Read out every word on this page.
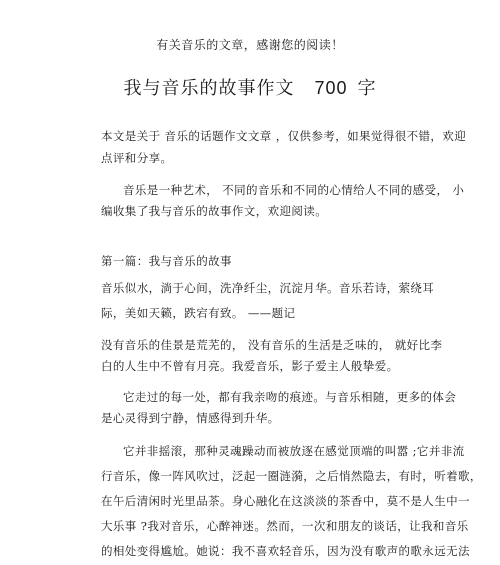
有关音乐的文章，感谢您的阅读！
我与音乐的故事作文 700 字
本文是关于 音乐的话题作文文章 ，仅供参考，如果觉得很不错，欢迎
点评和分享。
音乐是一种艺术， 不同的音乐和不同的心情给人不同的感受， 小
编收集了我与音乐的故事作文，欢迎阅读。
第一篇：我与音乐的故事
音乐似水，淌于心间，洗净纤尘，沉淀月华。音乐若诗，萦绕耳
际，美如天籁，跌宕有致。 ——题记
没有音乐的佳景是荒芜的， 没有音乐的生活是乏味的， 就好比李
白的人生中不曾有月亮。我爱音乐，影子爱主人般挚爱。
它走过的每一处，都有我亲吻的痕迹。与音乐相随，更多的体会
是心灵得到宁静，情感得到升华。
它并非摇滚，那种灵魂躁动而被放逐在感觉顶端的叫嚣 ;它并非流
行音乐，像一阵风吹过，泛起一圈涟漪，之后悄然隐去，有时，听着歌，
在午后清闲时光里品茶。身心融化在这淡淡的茶香中，莫不是人生中一
大乐事 ?我对音乐，心醉神迷。然而，一次和朋友的谈话，让我和音乐
的相处变得尴尬。她说：我不喜欢轻音乐，因为没有歌声的歌永远无法
